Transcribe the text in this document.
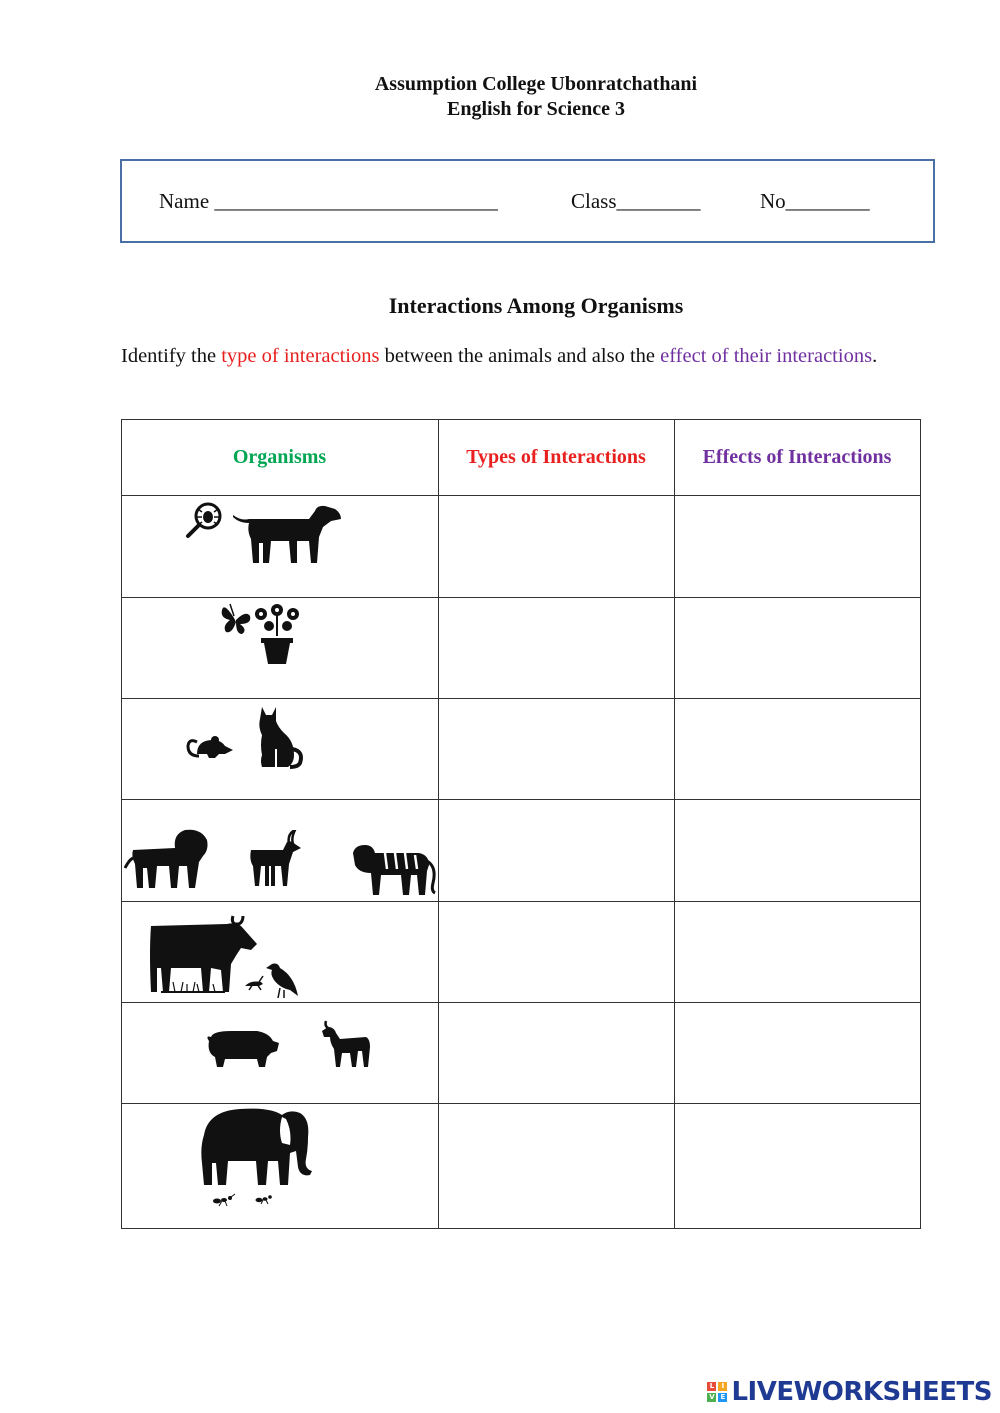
Assumption College Ubonratchathani
English for Science 3
Name ___________________________	Class________	No________
Interactions Among Organisms
Identify the type of interactions between the animals and also the effect of their interactions.
Organisms	Types of Interactions	Effects of Interactions
L	I
V E LIVEWORKSHEETS
